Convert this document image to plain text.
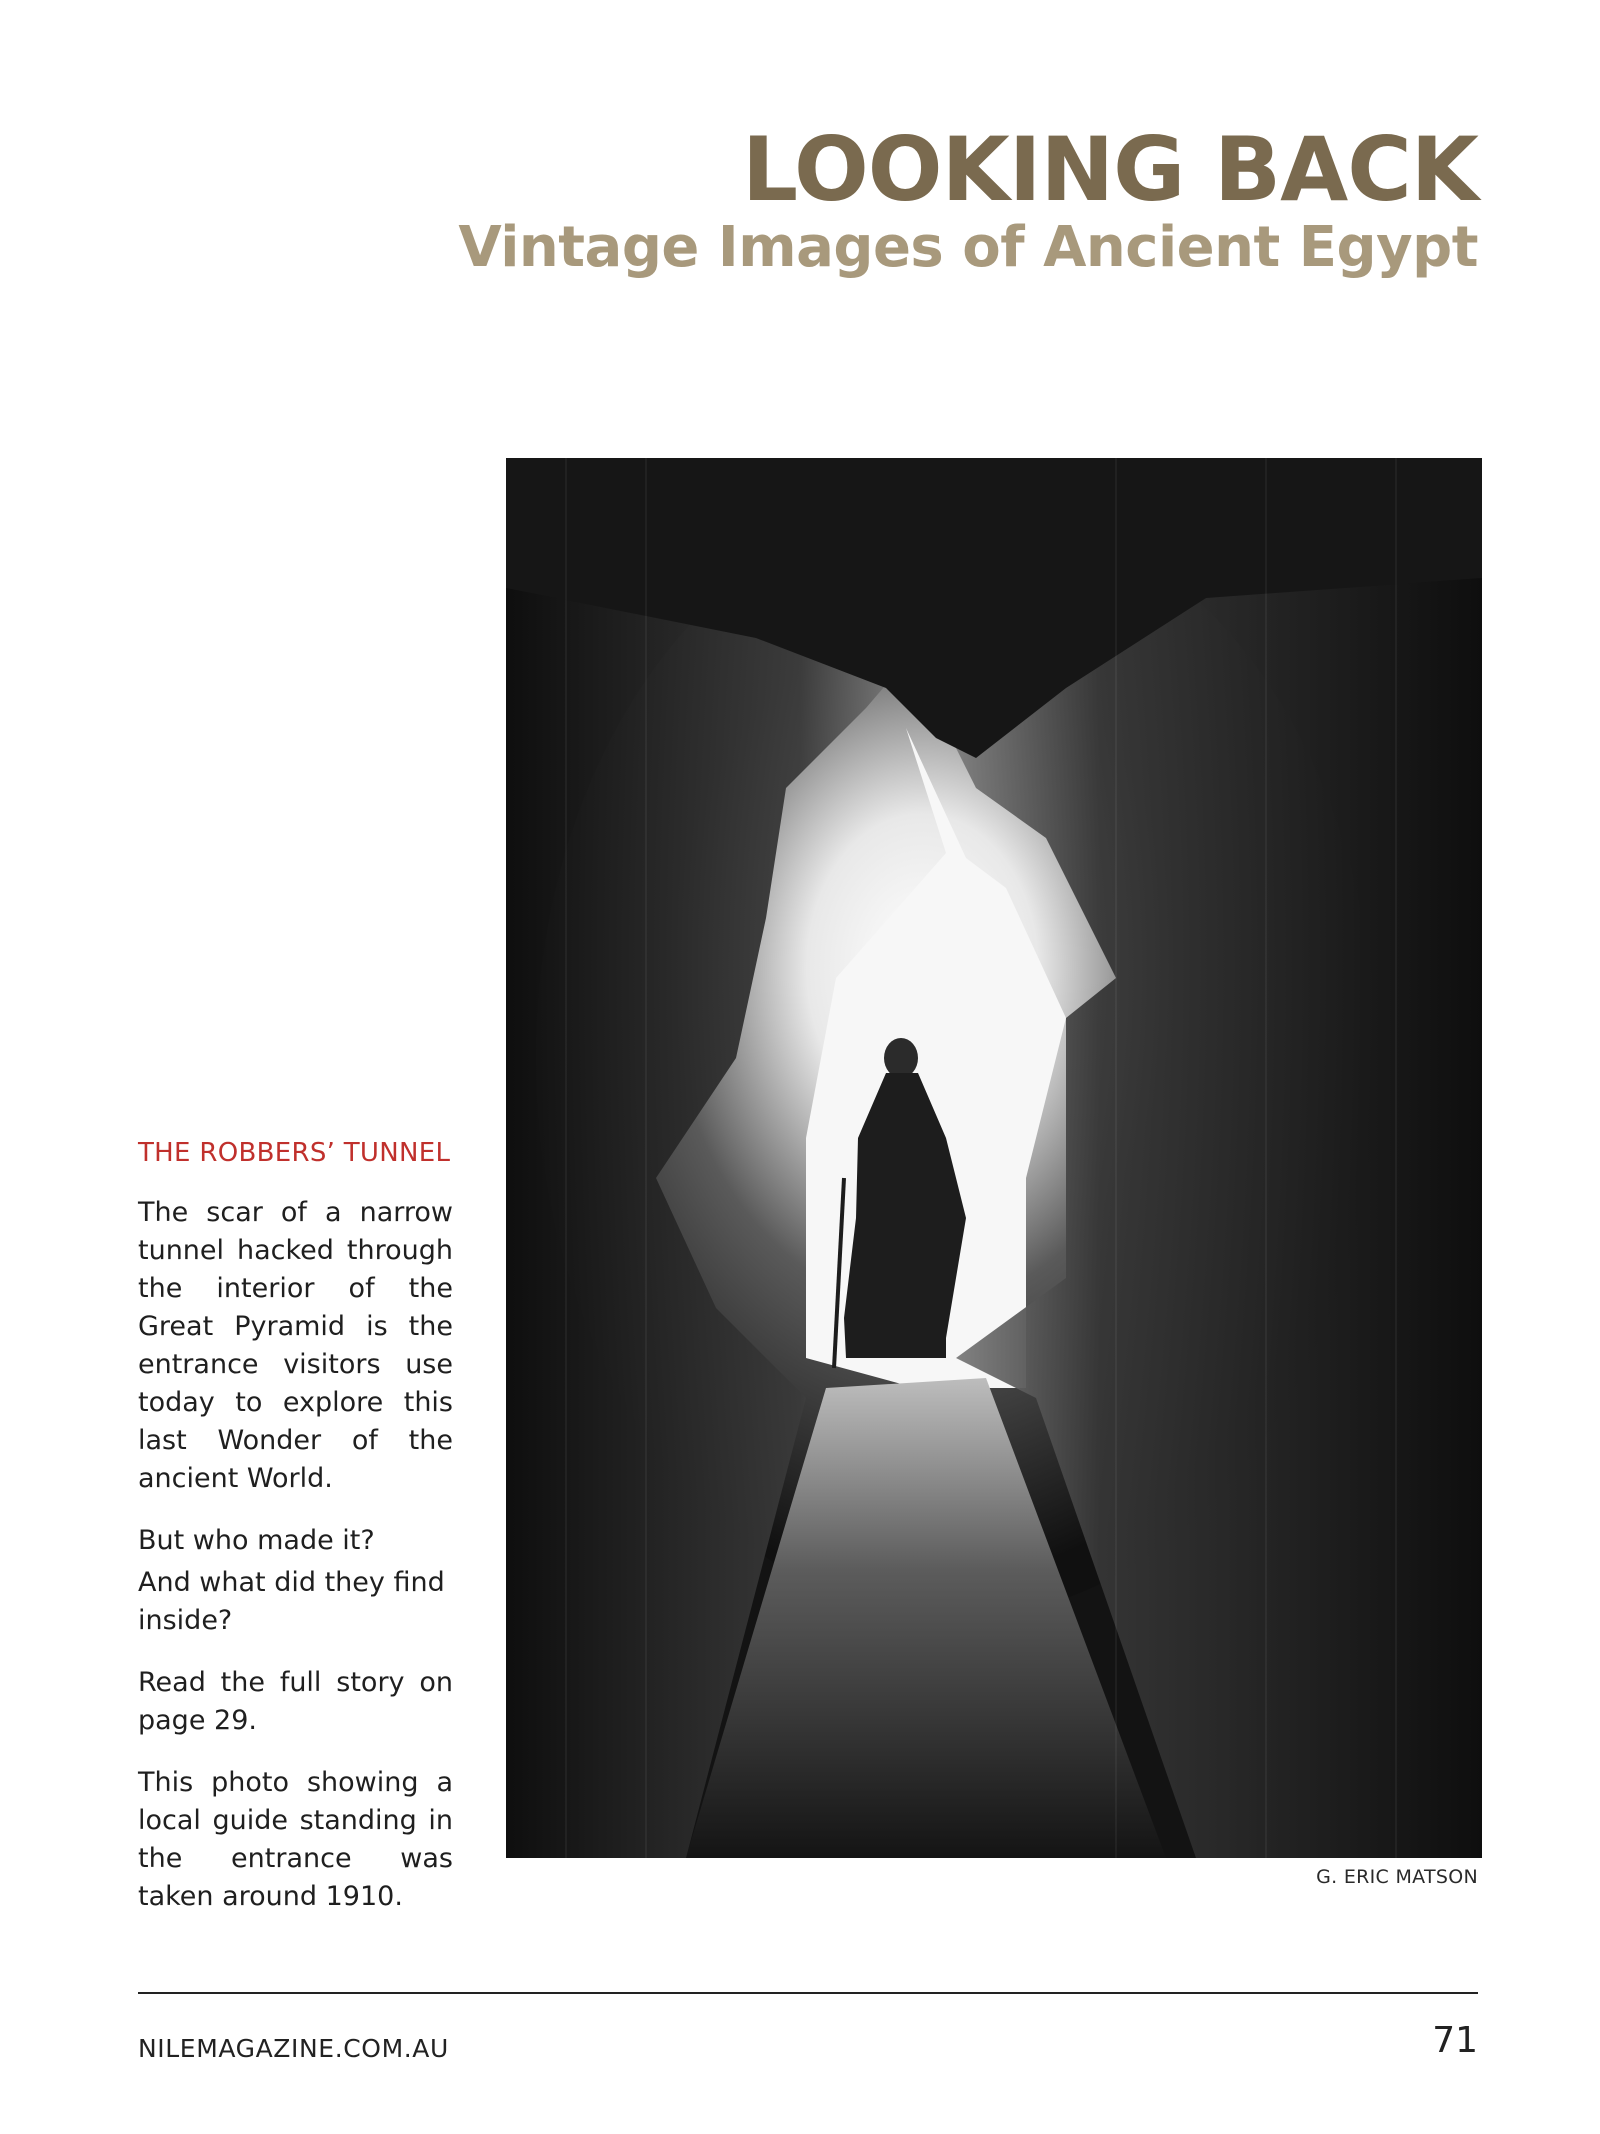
LOOKING BACK
Vintage Images of Ancient Egypt
THE ROBBERS’ TUNNEL

The scar of a narrow tunnel hacked through the interior of the Great Pyramid is the entrance visitors use today to explore this last Wonder of the ancient World.

But who made it?

And what did they find inside?

Read the full story on page 29.

This photo showing a local guide standing in the entrance was taken around 1910.

G. ERIC MATSON
NILEMAGAZINE.COM.AU	71
